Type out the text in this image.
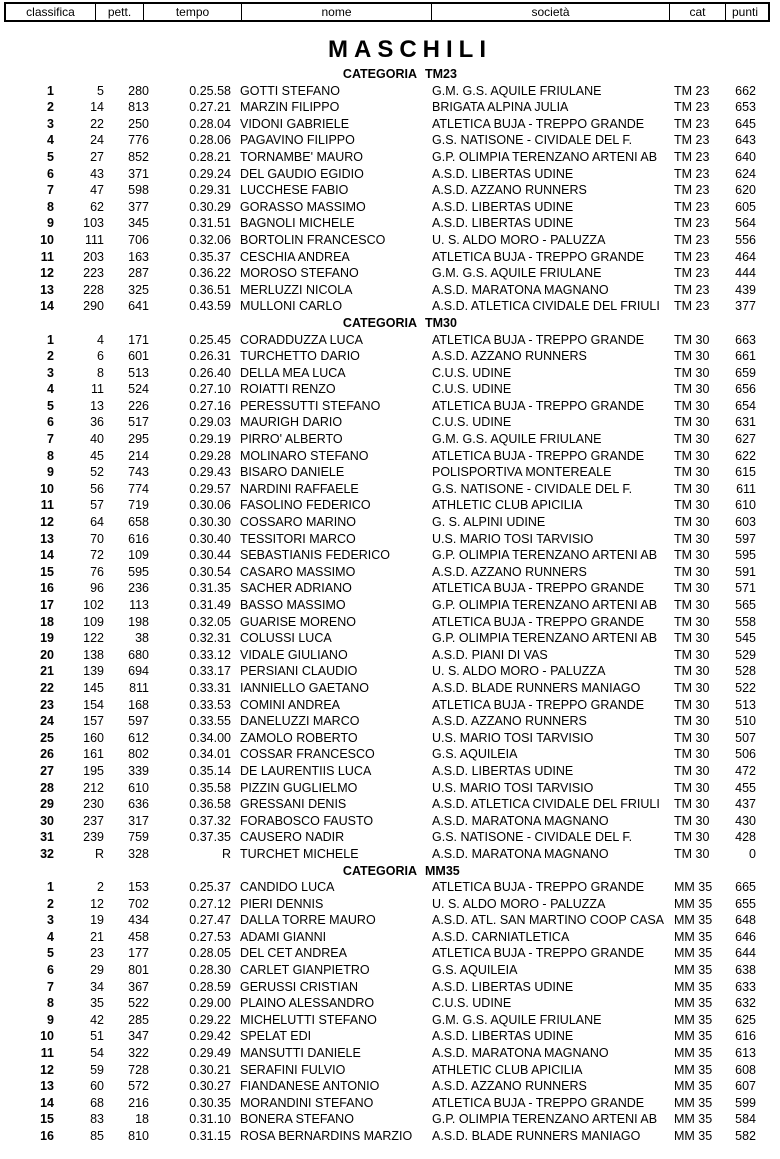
classifica	pett.	tempo	nome	società	cat	punti
MASCHILI
CATEGORIA TM23
1	5	280	0.25.58 GOTTI STEFANO	G.M. G.S. AQUILE FRIULANE	TM 23	662
2	14	813	0.27.21 MARZIN FILIPPO	BRIGATA ALPINA JULIA	TM 23	653
3	22	250	0.28.04 VIDONI GABRIELE	ATLETICA BUJA - TREPPO GRANDE	TM 23	645
4	24	776	0.28.06 PAGAVINO FILIPPO	G.S. NATISONE - CIVIDALE DEL F.	TM 23	643
5	27	852	0.28.21 TORNAMBE' MAURO	G.P. OLIMPIA TERENZANO ARTENI AB	TM 23	640
6	43	371	0.29.24 DEL GAUDIO EGIDIO	A.S.D. LIBERTAS UDINE	TM 23	624
7	47	598	0.29.31 LUCCHESE FABIO	A.S.D. AZZANO RUNNERS	TM 23	620
8	62	377	0.30.29 GORASSO MASSIMO	A.S.D. LIBERTAS UDINE	TM 23	605
9	103	345	0.31.51 BAGNOLI MICHELE	A.S.D. LIBERTAS UDINE	TM 23	564
10	111	706	0.32.06 BORTOLIN FRANCESCO	U. S. ALDO MORO - PALUZZA	TM 23	556
11	203	163	0.35.37 CESCHIA ANDREA	ATLETICA BUJA - TREPPO GRANDE	TM 23	464
12	223	287	0.36.22 MOROSO STEFANO	G.M. G.S. AQUILE FRIULANE	TM 23	444
13	228	325	0.36.51 MERLUZZI NICOLA	A.S.D. MARATONA MAGNANO	TM 23	439
14	290	641	0.43.59 MULLONI CARLO	A.S.D. ATLETICA CIVIDALE DEL FRIULI	TM 23	377
CATEGORIA TM30
1	4	171	0.25.45 CORADDUZZA LUCA	ATLETICA BUJA - TREPPO GRANDE	TM 30	663
2	6	601	0.26.31 TURCHETTO DARIO	A.S.D. AZZANO RUNNERS	TM 30	661
3	8	513	0.26.40 DELLA MEA LUCA	C.U.S. UDINE	TM 30	659
4	11	524	0.27.10 ROIATTI RENZO	C.U.S. UDINE	TM 30	656
5	13	226	0.27.16 PERESSUTTI STEFANO	ATLETICA BUJA - TREPPO GRANDE	TM 30	654
6	36	517	0.29.03 MAURIGH DARIO	C.U.S. UDINE	TM 30	631
7	40	295	0.29.19 PIRRO' ALBERTO	G.M. G.S. AQUILE FRIULANE	TM 30	627
8	45	214	0.29.28 MOLINARO STEFANO	ATLETICA BUJA - TREPPO GRANDE	TM 30	622
9	52	743	0.29.43 BISARO DANIELE	POLISPORTIVA MONTEREALE	TM 30	615
10	56	774	0.29.57 NARDINI RAFFAELE	G.S. NATISONE - CIVIDALE DEL F.	TM 30	611
11	57	719	0.30.06 FASOLINO FEDERICO	ATHLETIC CLUB APICILIA	TM 30	610
12	64	658	0.30.30 COSSARO MARINO	G. S. ALPINI UDINE	TM 30	603
13	70	616	0.30.40 TESSITORI MARCO	U.S. MARIO TOSI TARVISIO	TM 30	597
14	72	109	0.30.44 SEBASTIANIS FEDERICO	G.P. OLIMPIA TERENZANO ARTENI AB	TM 30	595
15	76	595	0.30.54 CASARO MASSIMO	A.S.D. AZZANO RUNNERS	TM 30	591
16	96	236	0.31.35 SACHER ADRIANO	ATLETICA BUJA - TREPPO GRANDE	TM 30	571
17	102	113	0.31.49 BASSO MASSIMO	G.P. OLIMPIA TERENZANO ARTENI AB	TM 30	565
18	109	198	0.32.05 GUARISE MORENO	ATLETICA BUJA - TREPPO GRANDE	TM 30	558
19	122	38	0.32.31 COLUSSI LUCA	G.P. OLIMPIA TERENZANO ARTENI AB	TM 30	545
20	138	680	0.33.12 VIDALE GIULIANO	A.S.D. PIANI DI VAS	TM 30	529
21	139	694	0.33.17 PERSIANI CLAUDIO	U. S. ALDO MORO - PALUZZA	TM 30	528
22	145	811	0.33.31 IANNIELLO GAETANO	A.S.D. BLADE RUNNERS MANIAGO	TM 30	522
23	154	168	0.33.53 COMINI ANDREA	ATLETICA BUJA - TREPPO GRANDE	TM 30	513
24	157	597	0.33.55 DANELUZZI MARCO	A.S.D. AZZANO RUNNERS	TM 30	510
25	160	612	0.34.00 ZAMOLO ROBERTO	U.S. MARIO TOSI TARVISIO	TM 30	507
26	161	802	0.34.01 COSSAR FRANCESCO	G.S. AQUILEIA	TM 30	506
27	195	339	0.35.14 DE LAURENTIIS LUCA	A.S.D. LIBERTAS UDINE	TM 30	472
28	212	610	0.35.58 PIZZIN GUGLIELMO	U.S. MARIO TOSI TARVISIO	TM 30	455
29	230	636	0.36.58 GRESSANI DENIS	A.S.D. ATLETICA CIVIDALE DEL FRIULI	TM 30	437
30	237	317	0.37.32 FORABOSCO FAUSTO	A.S.D. MARATONA MAGNANO	TM 30	430
31	239	759	0.37.35 CAUSERO NADIR	G.S. NATISONE - CIVIDALE DEL F.	TM 30	428
32	R	328	R TURCHET MICHELE	A.S.D. MARATONA MAGNANO	TM 30	0
CATEGORIA MM35
1	2	153	0.25.37 CANDIDO LUCA	ATLETICA BUJA - TREPPO GRANDE	MM 35	665
2	12	702	0.27.12 PIERI DENNIS	U. S. ALDO MORO - PALUZZA	MM 35	655
3	19	434	0.27.47 DALLA TORRE MAURO	A.S.D. ATL. SAN MARTINO COOP CASA MM 35	648
4	21	458	0.27.53 ADAMI GIANNI	A.S.D. CARNIATLETICA	MM 35	646
5	23	177	0.28.05 DEL CET ANDREA	ATLETICA BUJA - TREPPO GRANDE	MM 35	644
6	29	801	0.28.30 CARLET GIANPIETRO	G.S. AQUILEIA	MM 35	638
7	34	367	0.28.59 GERUSSI CRISTIAN	A.S.D. LIBERTAS UDINE	MM 35	633
8	35	522	0.29.00 PLAINO ALESSANDRO	C.U.S. UDINE	MM 35	632
9	42	285	0.29.22 MICHELUTTI STEFANO	G.M. G.S. AQUILE FRIULANE	MM 35	625
10	51	347	0.29.42 SPELAT EDI	A.S.D. LIBERTAS UDINE	MM 35	616
11	54	322	0.29.49 MANSUTTI DANIELE	A.S.D. MARATONA MAGNANO	MM 35	613
12	59	728	0.30.21 SERAFINI FULVIO	ATHLETIC CLUB APICILIA	MM 35	608
13	60	572	0.30.27 FIANDANESE ANTONIO	A.S.D. AZZANO RUNNERS	MM 35	607
14	68	216	0.30.35 MORANDINI STEFANO	ATLETICA BUJA - TREPPO GRANDE	MM 35	599
15	83	18	0.31.10 BONERA STEFANO	G.P. OLIMPIA TERENZANO ARTENI AB	MM 35	584
16	85	810	0.31.15 ROSA BERNARDINS MARZIO	A.S.D. BLADE RUNNERS MANIAGO	MM 35	582
